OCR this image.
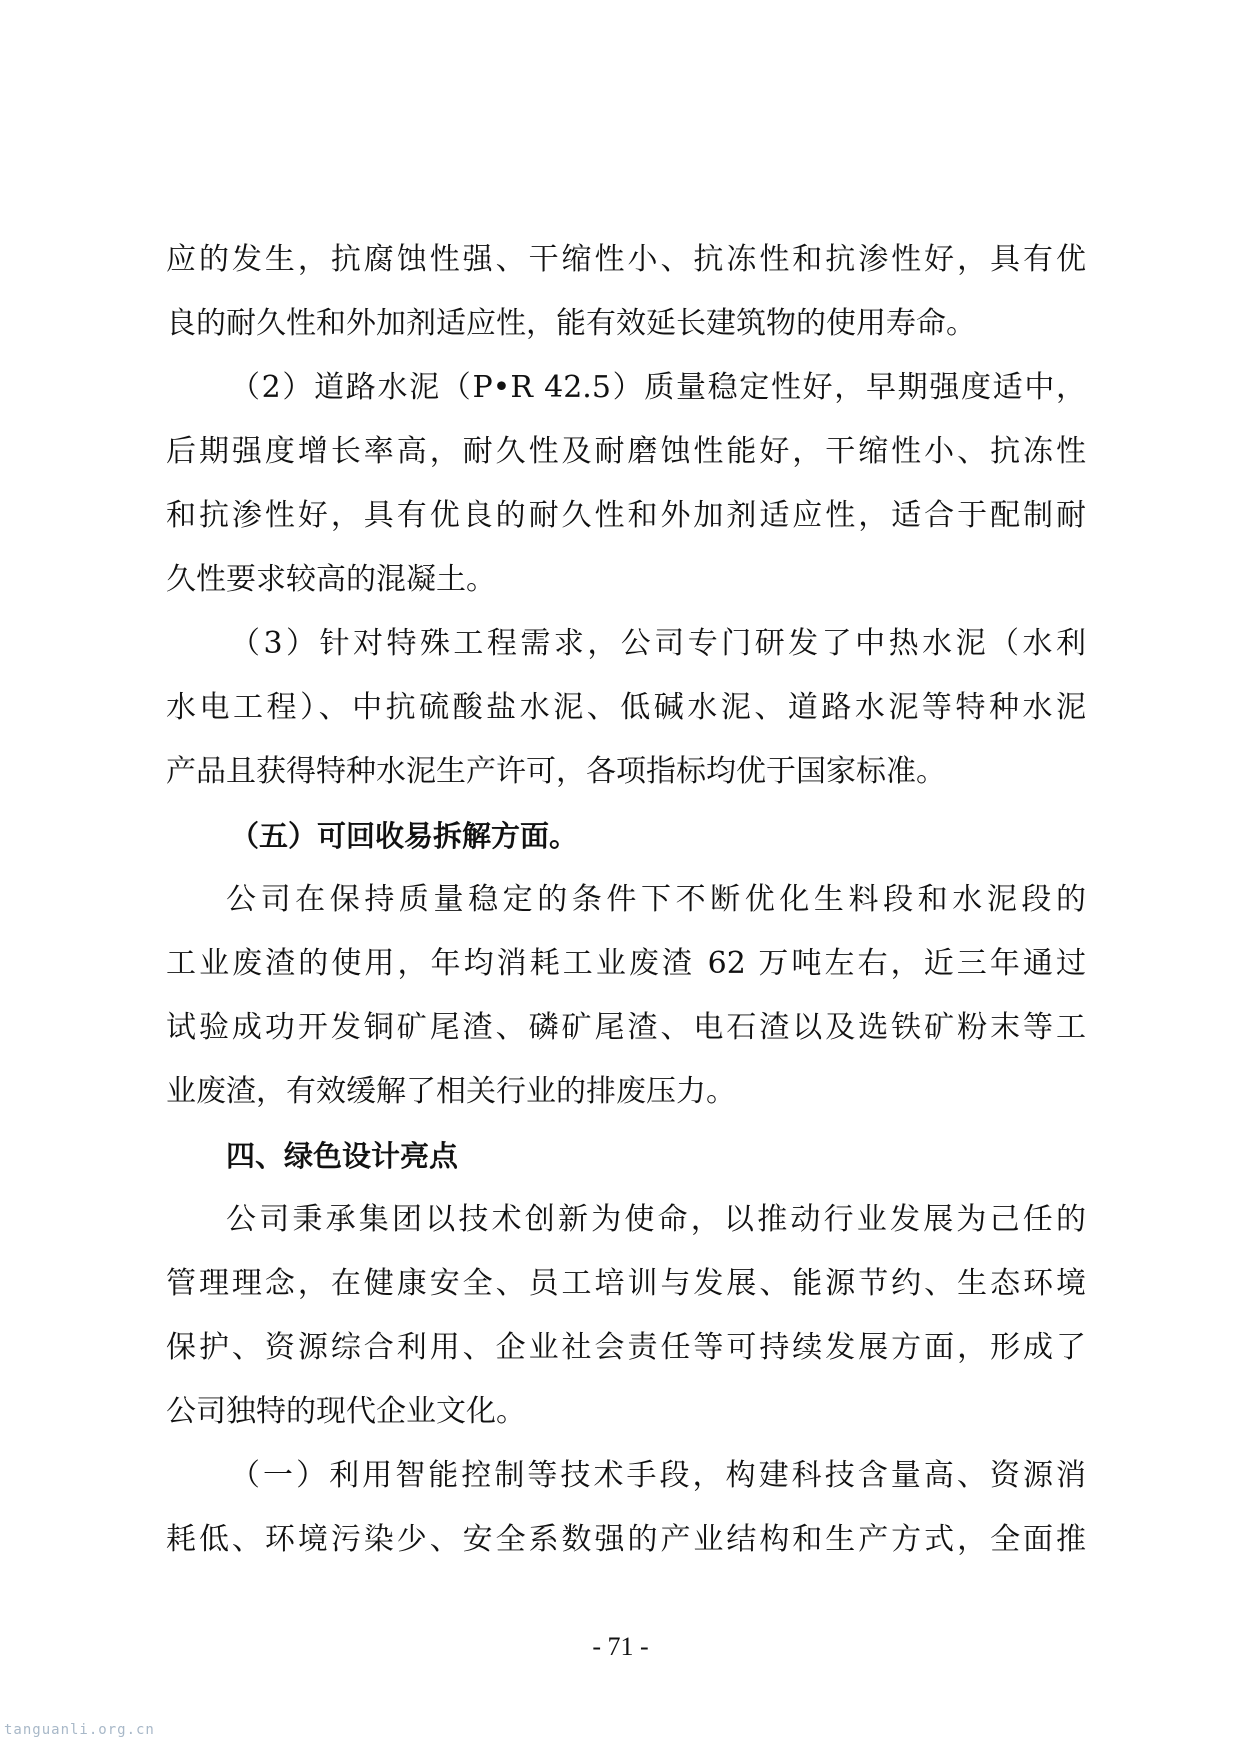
应的发生，抗腐蚀性强、干缩性小、抗冻性和抗渗性好，具有优
良的耐久性和外加剂适应性，能有效延长建筑物的使用寿命。
（2）道路水泥（P•R 42.5）质量稳定性好，早期强度适中，
后期强度增长率高，耐久性及耐磨蚀性能好，干缩性小、抗冻性
和抗渗性好，具有优良的耐久性和外加剂适应性，适合于配制耐
久性要求较高的混凝土。
（3）针对特殊工程需求，公司专门研发了中热水泥（水利
水电工程）、中抗硫酸盐水泥、低碱水泥、道路水泥等特种水泥
产品且获得特种水泥生产许可，各项指标均优于国家标准。
（五）可回收易拆解方面。
公司在保持质量稳定的条件下不断优化生料段和水泥段的
工业废渣的使用，年均消耗工业废渣 62 万吨左右，近三年通过
试验成功开发铜矿尾渣、磷矿尾渣、电石渣以及选铁矿粉末等工
业废渣，有效缓解了相关行业的排废压力。
四、绿色设计亮点
公司秉承集团以技术创新为使命，以推动行业发展为己任的
管理理念，在健康安全、员工培训与发展、能源节约、生态环境
保护、资源综合利用、企业社会责任等可持续发展方面，形成了
公司独特的现代企业文化。
（一）利用智能控制等技术手段，构建科技含量高、资源消
耗低、环境污染少、安全系数强的产业结构和生产方式，全面推
- 71 -
tanguanli.org.cn
